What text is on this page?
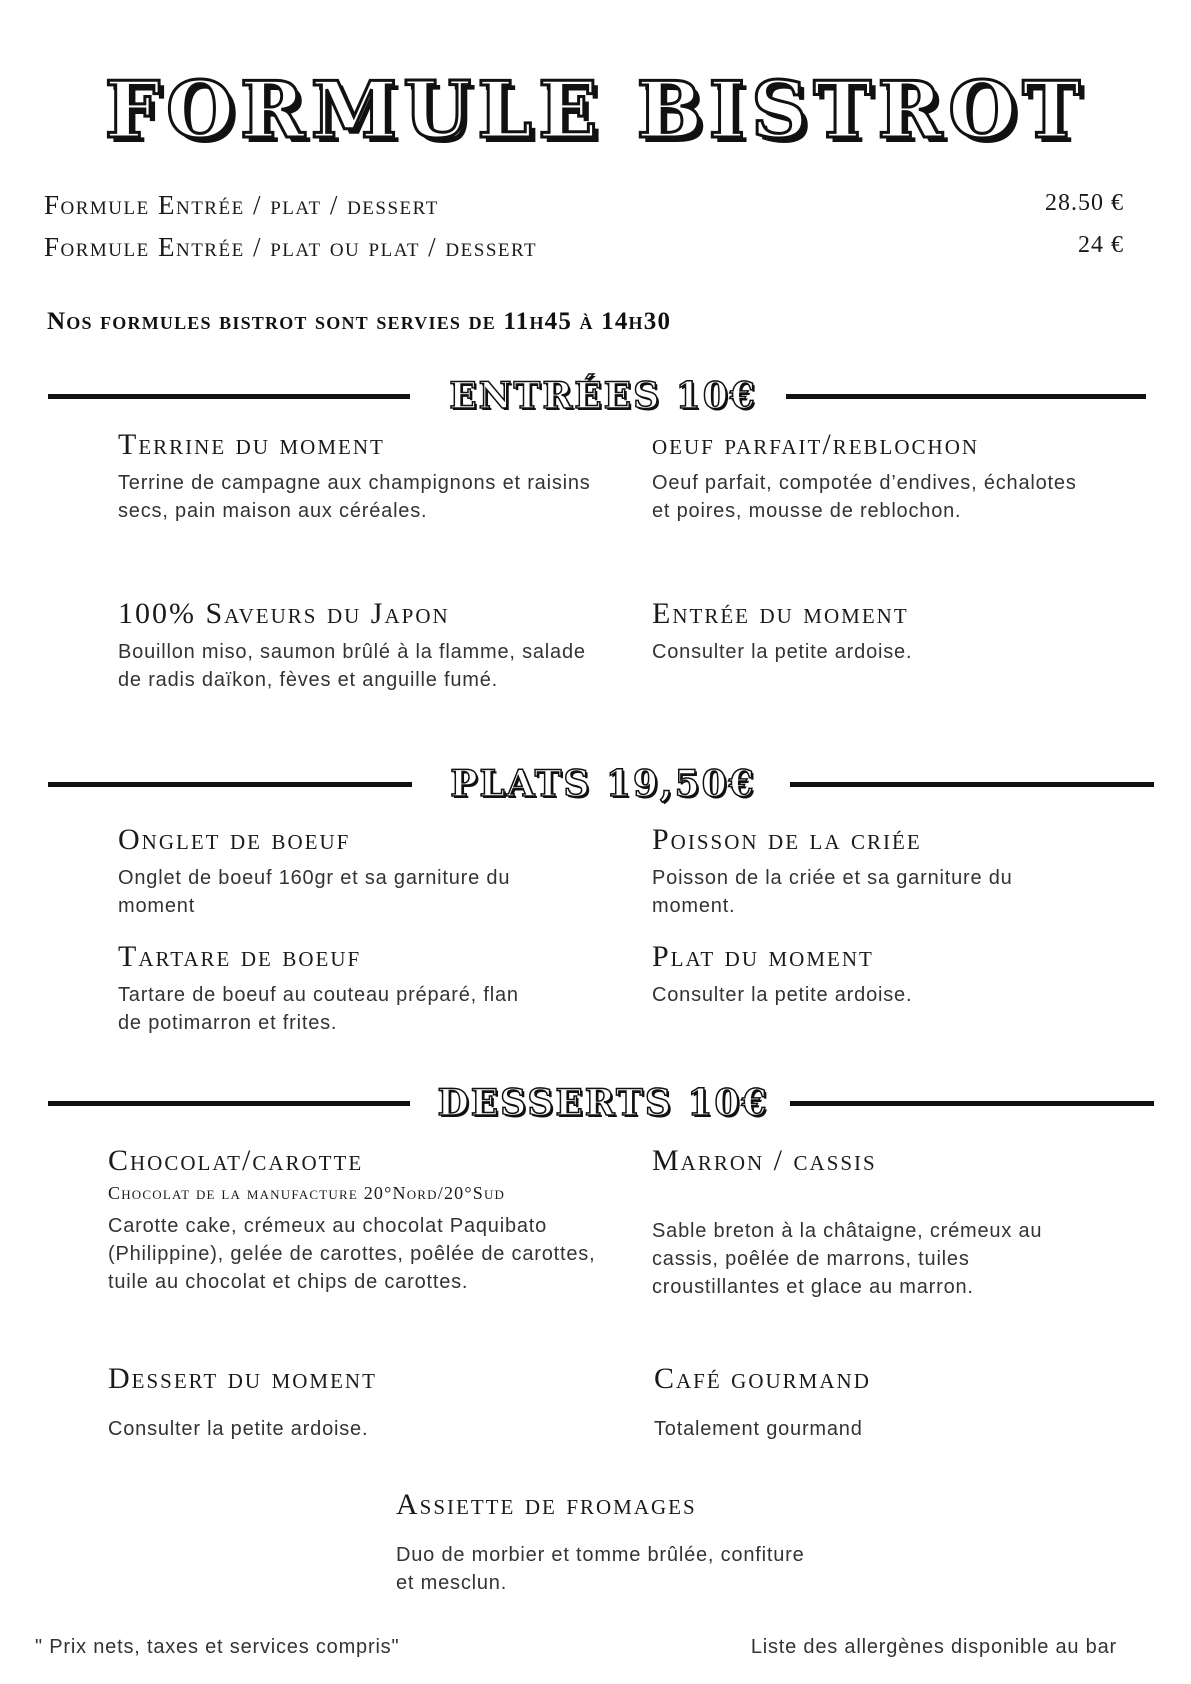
FORMULE BISTROT
Formule Entrée / plat / dessert	28.50 €
Formule Entrée / plat ou plat / dessert	24 €
Nos formules bistrot sont servies de 11h45 à 14h30
ENTRÉES 10€
Terrine du moment
Terrine de campagne aux champignons et raisins secs, pain maison aux céréales.
oeuf parfait/reblochon
Oeuf parfait, compotée d’endives, échalotes et poires, mousse de reblochon.
100% Saveurs du Japon
Bouillon miso, saumon brûlé à la flamme, salade de radis daïkon, fèves et anguille fumé.
Entrée du moment
Consulter la petite ardoise.
PLATS 19,50€
Onglet de boeuf
Onglet de boeuf 160gr et sa garniture du moment
Poisson de la criée
Poisson de la criée et sa garniture du moment.
Tartare de boeuf
Tartare de boeuf au couteau préparé, flan de potimarron et frites.
Plat du moment
Consulter la petite ardoise.
DESSERTS 10€
Chocolat/carotte
Chocolat de la manufacture 20°Nord/20°Sud
Carotte cake, crémeux au chocolat Paquibato (Philippine), gelée de carottes, poêlée de carottes, tuile au chocolat et chips de carottes.
Marron / cassis
Sable breton à la châtaigne, crémeux au cassis, poêlée de marrons, tuiles croustillantes et glace au marron.
Dessert du moment
Consulter la petite ardoise.
Café gourmand
Totalement gourmand
Assiette de fromages
Duo de morbier et tomme brûlée, confiture et mesclun.
" Prix nets, taxes et services compris"	Liste des allergènes disponible au bar
